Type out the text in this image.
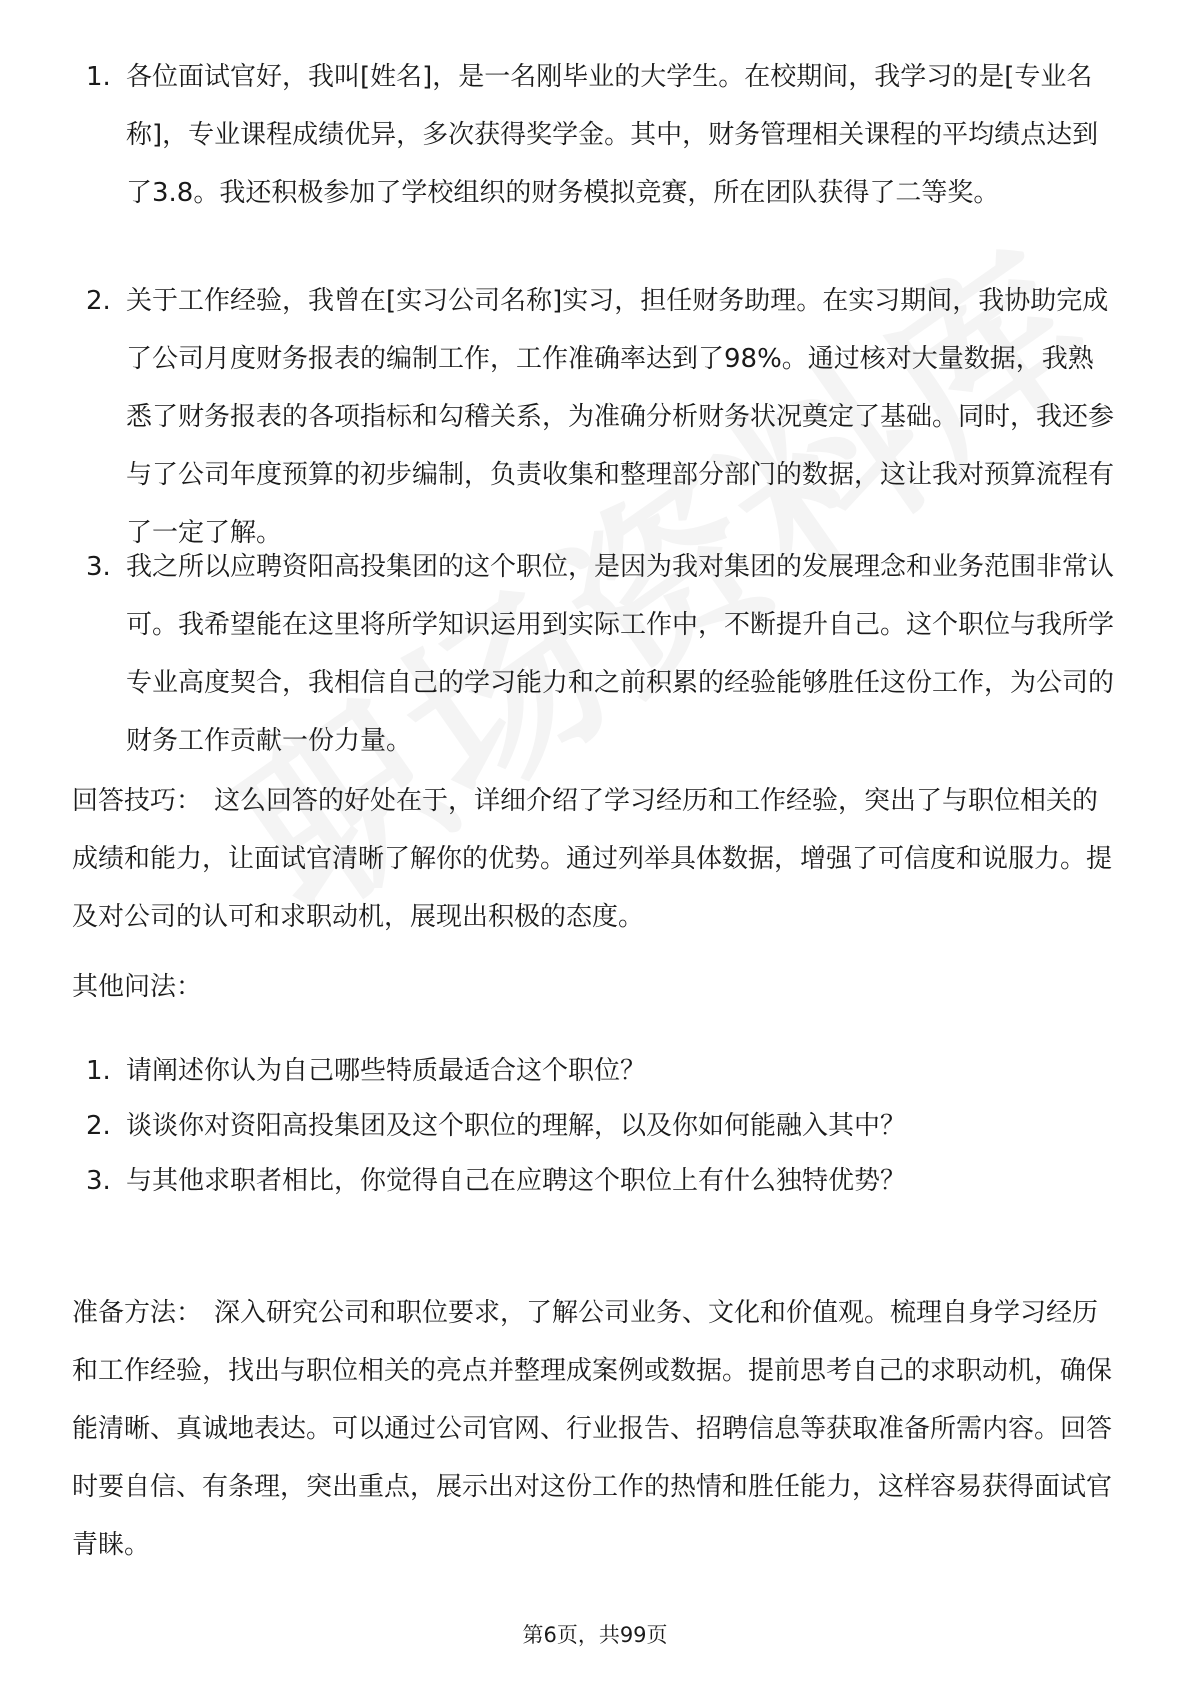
1. 各位面试官好，我叫[姓名]，是一名刚毕业的大学生。在校期间，我学习的是[专业名称]，专业课程成绩优异，多次获得奖学金。其中，财务管理相关课程的平均绩点达到了3.8。我还积极参加了学校组织的财务模拟竞赛，所在团队获得了二等奖。
2. 关于工作经验，我曾在[实习公司名称]实习，担任财务助理。在实习期间，我协助完成了公司月度财务报表的编制工作，工作准确率达到了98%。通过核对大量数据，我熟悉了财务报表的各项指标和勾稽关系，为准确分析财务状况奠定了基础。同时，我还参与了公司年度预算的初步编制，负责收集和整理部分部门的数据，这让我对预算流程有了一定了解。
3. 我之所以应聘资阳高投集团的这个职位，是因为我对集团的发展理念和业务范围非常认可。我希望能在这里将所学知识运用到实际工作中，不断提升自己。这个职位与我所学专业高度契合，我相信自己的学习能力和之前积累的经验能够胜任这份工作，为公司的财务工作贡献一份力量。

回答技巧： 这么回答的好处在于，详细介绍了学习经历和工作经验，突出了与职位相关的成绩和能力，让面试官清晰了解你的优势。通过列举具体数据，增强了可信度和说服力。提及对公司的认可和求职动机，展现出积极的态度。

其他问法：

1. 请阐述你认为自己哪些特质最适合这个职位？
2. 谈谈你对资阳高投集团及这个职位的理解，以及你如何能融入其中？
3. 与其他求职者相比，你觉得自己在应聘这个职位上有什么独特优势？

准备方法： 深入研究公司和职位要求，了解公司业务、文化和价值观。梳理自身学习经历和工作经验，找出与职位相关的亮点并整理成案例或数据。提前思考自己的求职动机，确保能清晰、真诚地表达。可以通过公司官网、行业报告、招聘信息等获取准备所需内容。回答时要自信、有条理，突出重点，展示出对这份工作的热情和胜任能力，这样容易获得面试官青睐。

第6页，共99页
